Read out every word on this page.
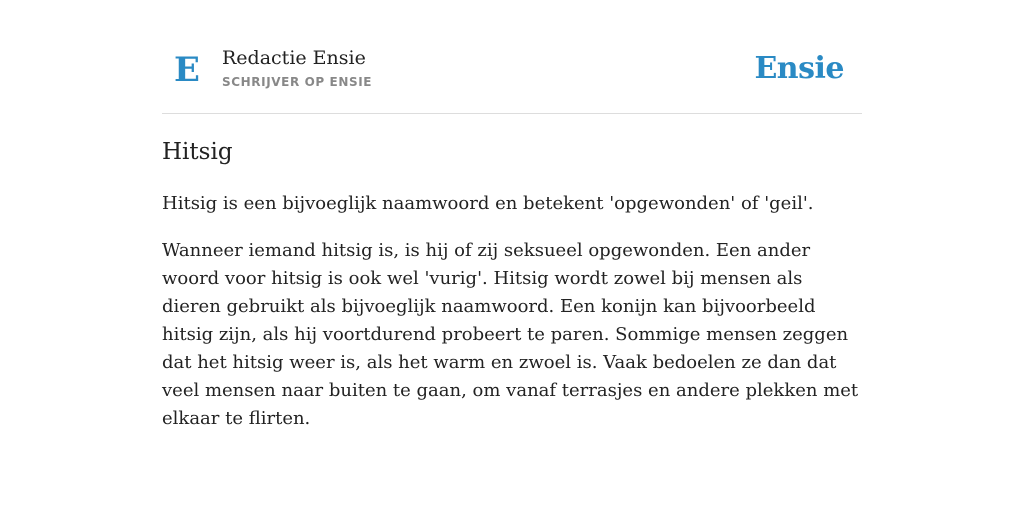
E Redactie Ensie
SCHRIJVER OP ENSIE	Ensie
Hitsig

Hitsig is een bijvoeglijk naamwoord en betekent 'opgewonden' of 'geil'.

Wanneer iemand hitsig is, is hij of zij seksueel opgewonden. Een ander woord voor hitsig is ook wel 'vurig'. Hitsig wordt zowel bij mensen als dieren gebruikt als bijvoeglijk naamwoord. Een konijn kan bijvoorbeeld hitsig zijn, als hij voortdurend probeert te paren. Sommige mensen zeggen dat het hitsig weer is, als het warm en zwoel is. Vaak bedoelen ze dan dat veel mensen naar buiten te gaan, om vanaf terrasjes en andere plekken met elkaar te flirten.
